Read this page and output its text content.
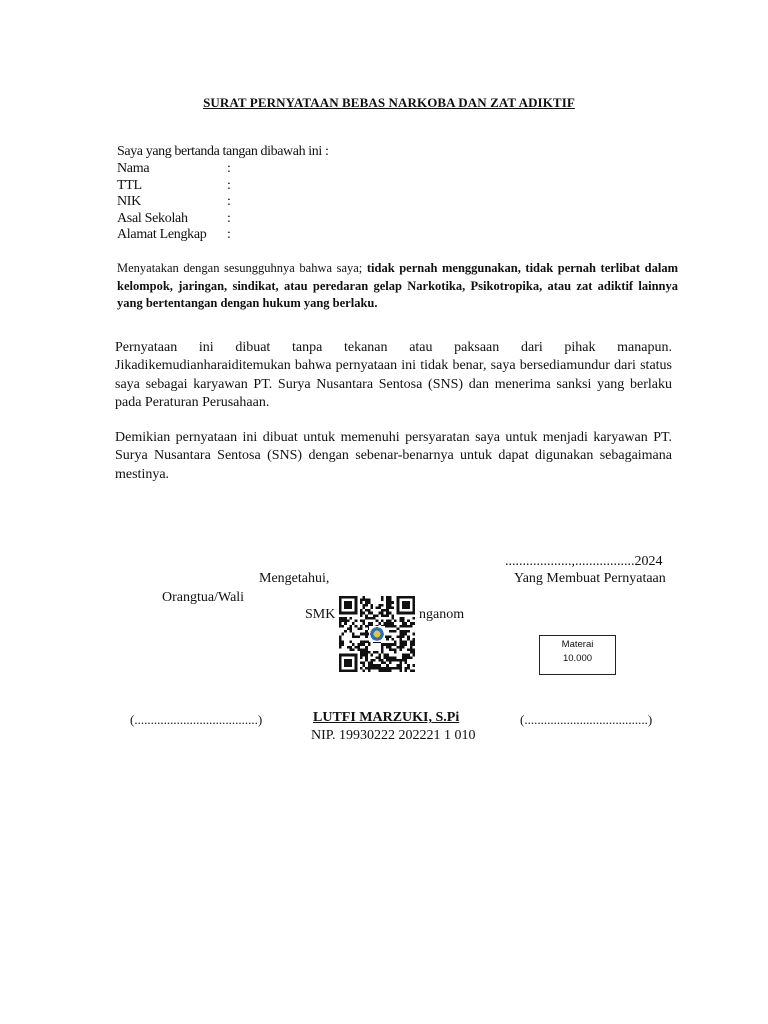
SURAT PERNYATAAN BEBAS NARKOBA DAN ZAT ADIKTIF
Saya yang bertanda tangan dibawah ini :
Nama	:
TTL	:
NIK	:
Asal Sekolah	:
Alamat Lengkap :
Menyatakan dengan sesungguhnya bahwa saya; tidak pernah menggunakan, tidak pernah terlibat dalam kelompok, jaringan, sindikat, atau peredaran gelap Narkotika, Psikotropika, atau zat adiktif lainnya yang bertentangan dengan hukum yang berlaku.
Pernyataan ini dibuat tanpa tekanan atau paksaan dari pihak manapun. Jikadikemudianharaiditemukan bahwa pernyataan ini tidak benar, saya bersediamundur dari status saya sebagai karyawan PT. Surya Nusantara Sentosa (SNS) dan menerima sanksi yang berlaku pada Peraturan Perusahaan.
Demikian pernyataan ini dibuat untuk memenuhi persyaratan saya untuk menjadi karyawan PT. Surya Nusantara Sentosa (SNS) dengan sebenar-benarnya untuk dapat digunakan sebagaimana mestinya.
...................,.................2024
Mengetahui,	Yang Membuat Pernyataan
Orangtua/Wali
SMK	nganom
Materai
10.000
(......................................)	LUTFI MARZUKI, S.Pi	(......................................)
NIP. 19930222 202221 1 010
